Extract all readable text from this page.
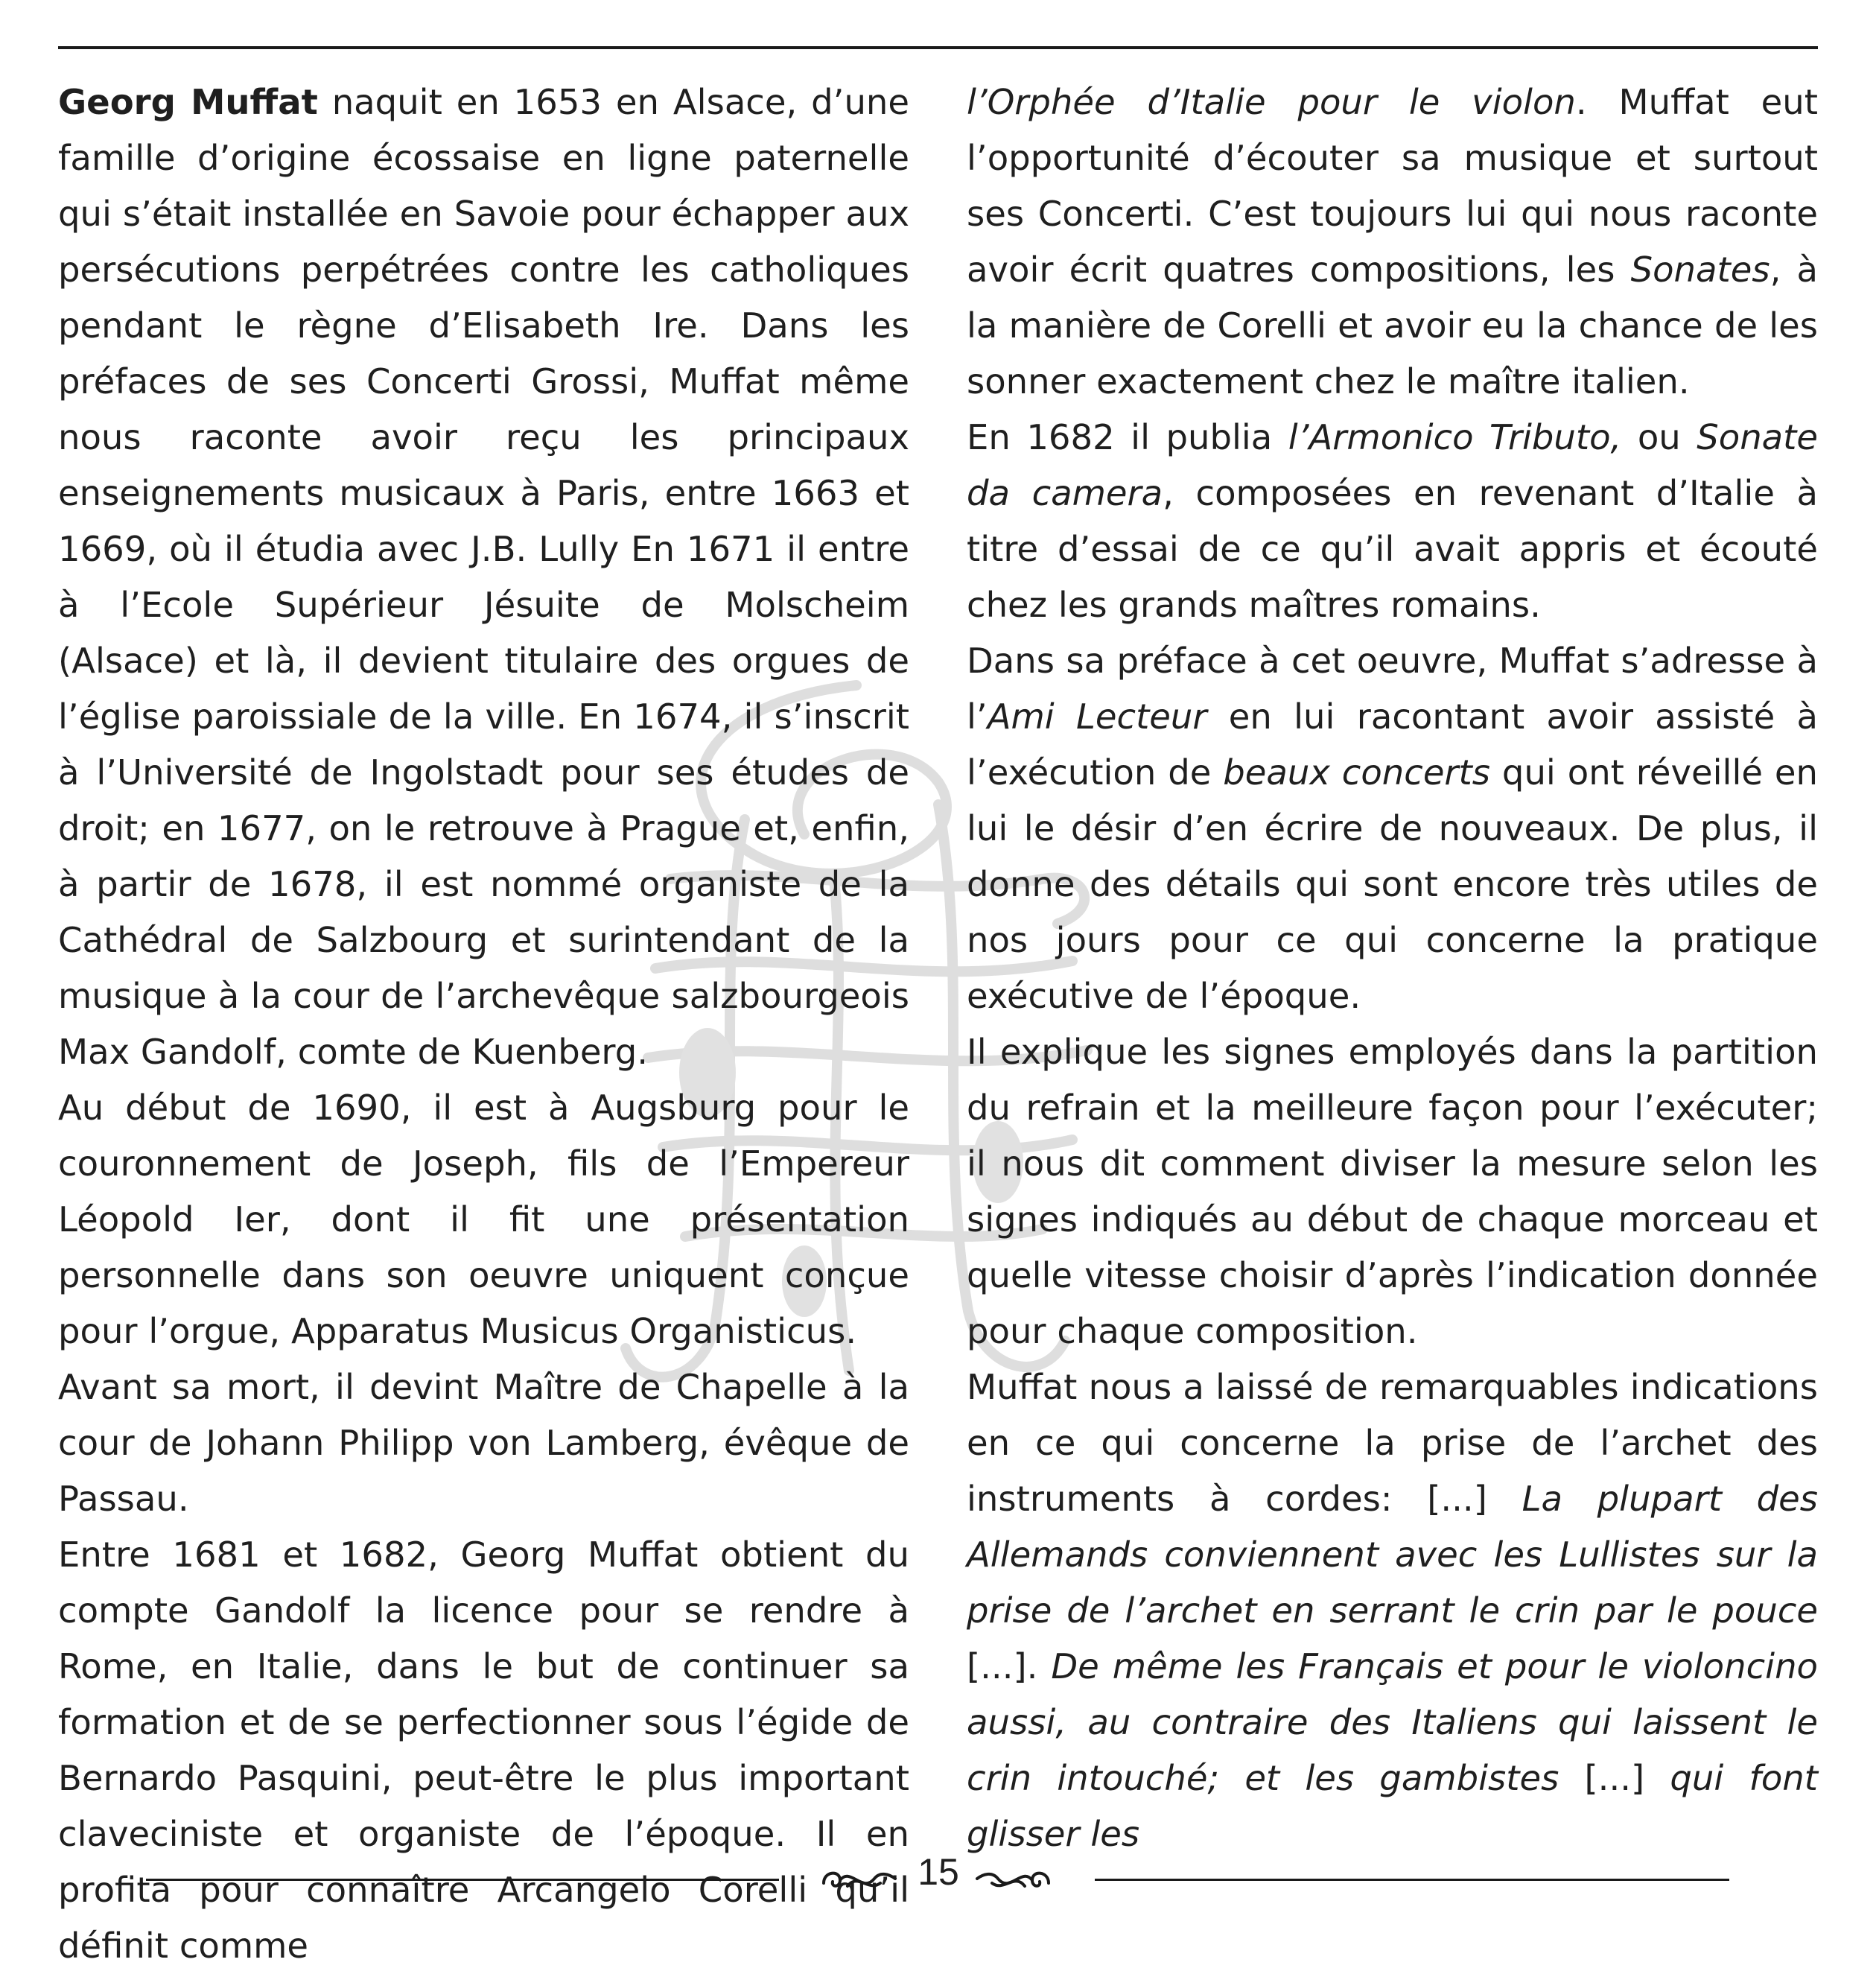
Georg Muffat naquit en 1653 en Alsace, d’une famille d’origine écossaise en ligne paternelle qui s’était installée en Savoie pour échapper aux persécutions perpétrées contre les catholiques pendant le règne d’Elisabeth Ire. Dans les préfaces de ses Concerti Grossi, Muffat même nous raconte avoir reçu les principaux enseignements musicaux à Paris, entre 1663 et 1669, où il étudia avec J.B. Lully En 1671 il entre à l’Ecole Supérieur Jésuite de Molscheim (Alsace) et là, il devient titulaire des orgues de l’église paroissiale de la ville. En 1674, il s’inscrit à l’Université de Ingolstadt pour ses études de droit; en 1677, on le retrouve à Prague et, enfin, à partir de 1678, il est nommé organiste de la Cathédral de Salzbourg et surintendant de la musique à la cour de l’archevêque salzbourgeois Max Gandolf, comte de Kuenberg.

Au début de 1690, il est à Augsburg pour le couronnement de Joseph, fils de l’Empereur Léopold Ier, dont il fit une présentation personnelle dans son oeuvre uniquent conçue pour l’orgue, Apparatus Musicus Organisticus.

Avant sa mort, il devint Maître de Chapelle à la cour de Johann Philipp von Lamberg, évêque de Passau.

Entre 1681 et 1682, Georg Muffat obtient du compte Gandolf la licence pour se rendre à Rome, en Italie, dans le but de continuer sa formation et de se perfectionner sous l’égide de Bernardo Pasquini, peut-être le plus important claveciniste et organiste de l’époque. Il en profita pour connaître Arcangelo Corelli qu’il définit comme

l’Orphée d’Italie pour le violon. Muffat eut l’opportunité d’écouter sa musique et surtout ses Concerti. C’est toujours lui qui nous raconte avoir écrit quatres compositions, les Sonates, à la manière de Corelli et avoir eu la chance de les sonner exactement chez le maître italien.

En 1682 il publia l’Armonico Tributo, ou Sonate da camera, composées en revenant d’Italie à titre d’essai de ce qu’il avait appris et écouté chez les grands maîtres romains.

Dans sa préface à cet oeuvre, Muffat s’adresse à l’Ami Lecteur en lui racontant avoir assisté à l’exécution de beaux concerts qui ont réveillé en lui le désir d’en écrire de nouveaux. De plus, il donne des détails qui sont encore très utiles de nos jours pour ce qui concerne la pratique exécutive de l’époque.

Il explique les signes employés dans la partition du refrain et la meilleure façon pour l’exécuter; il nous dit comment diviser la mesure selon les signes indiqués au début de chaque morceau et quelle vitesse choisir d’après l’indication donnée pour chaque composition.

Muffat nous a laissé de remarquables indications en ce qui concerne la prise de l’archet des instruments à cordes: [...] La plupart des Allemands conviennent avec les Lullistes sur la prise de l’archet en serrant le crin par le pouce [...]. De même les Français et pour le violoncino aussi, au contraire des Italiens qui laissent le crin intouché; et les gambistes [...] qui font glisser les

15
